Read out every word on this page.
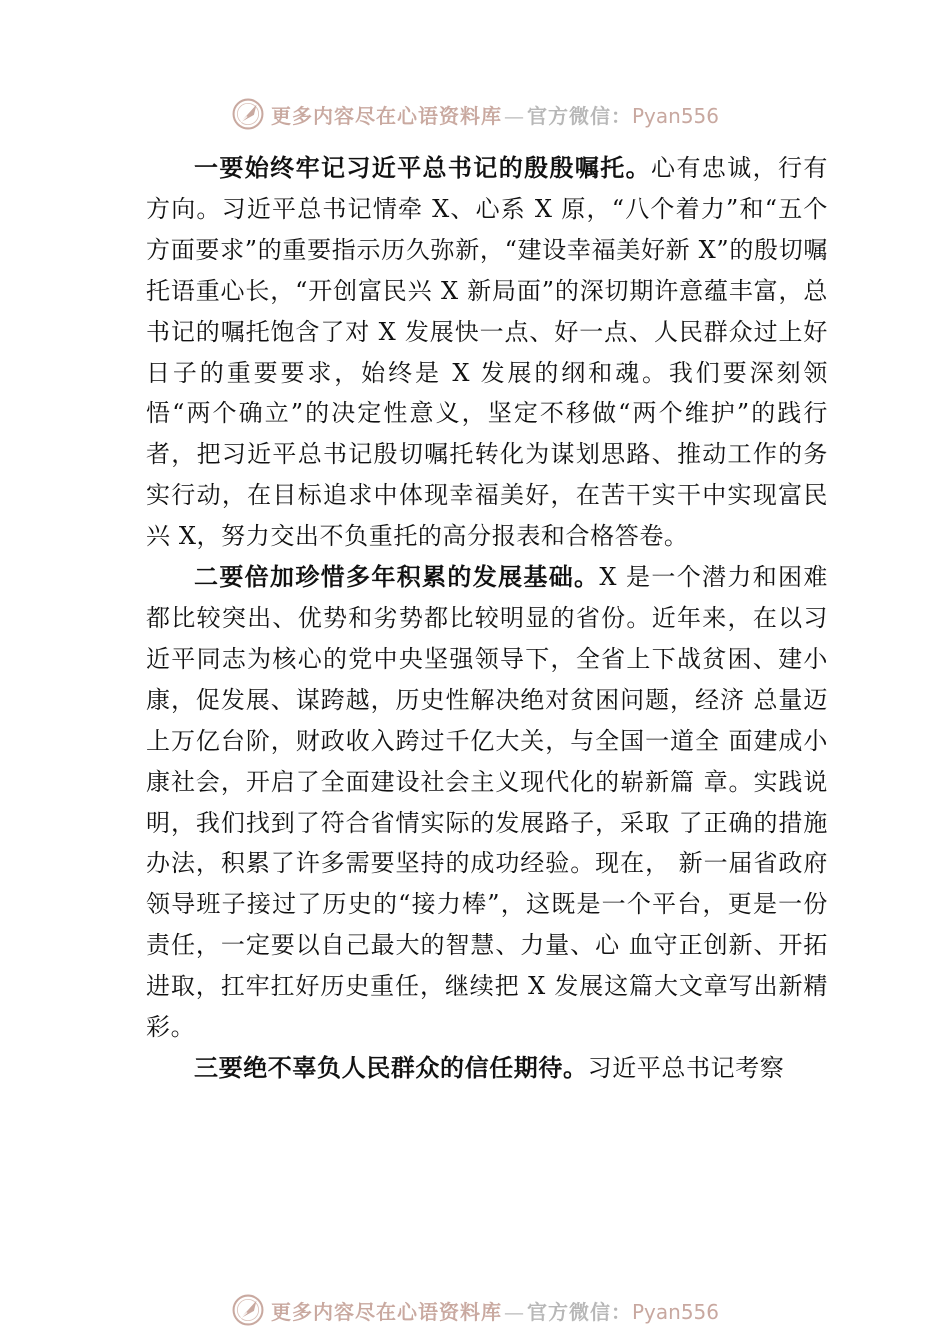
更多内容尽在心语资料库 — 官方微信：Pyan556

一要始终牢记习近平总书记的殷殷嘱托。心有忠诚，行有方向。习近平总书记情牵 X、心系 X 原，“八个着力”和“五个方面要求”的重要指示历久弥新，“建设幸福美好新 X”的殷切嘱托语重心长，“开创富民兴 X 新局面”的深切期许意蕴丰富，总书记的嘱托饱含了对 X 发展快一点、好一点、人民群众过上好日子的重要要求，始终是 X 发展的纲和魂。我们要深刻领悟“两个确立”的决定性意义，坚定不移做“两个维护”的践行者，把习近平总书记殷切嘱托转化为谋划思路、推动工作的务实行动，在目标追求中体现幸福美好，在苦干实干中实现富民兴 X，努力交出不负重托的高分报表和合格答卷。

二要倍加珍惜多年积累的发展基础。X 是一个潜力和困难都比较突出、优势和劣势都比较明显的省份。近年来，在以习近平同志为核心的党中央坚强领导下，全省上下战贫困、建小康，促发展、谋跨越，历史性解决绝对贫困问题，经济 总量迈上万亿台阶，财政收入跨过千亿大关，与全国一道全 面建成小康社会，开启了全面建设社会主义现代化的崭新篇 章。实践说明，我们找到了符合省情实际的发展路子，采取 了正确的措施办法，积累了许多需要坚持的成功经验。现在， 新一届省政府领导班子接过了历史的“接力棒”，这既是一个平台，更是一份责任，一定要以自己最大的智慧、力量、心 血守正创新、开拓进取，扛牢扛好历史重任，继续把 X 发展这篇大文章写出新精彩。

三要绝不辜负人民群众的信任期待。习近平总书记考察

更多内容尽在心语资料库 — 官方微信：Pyan556
